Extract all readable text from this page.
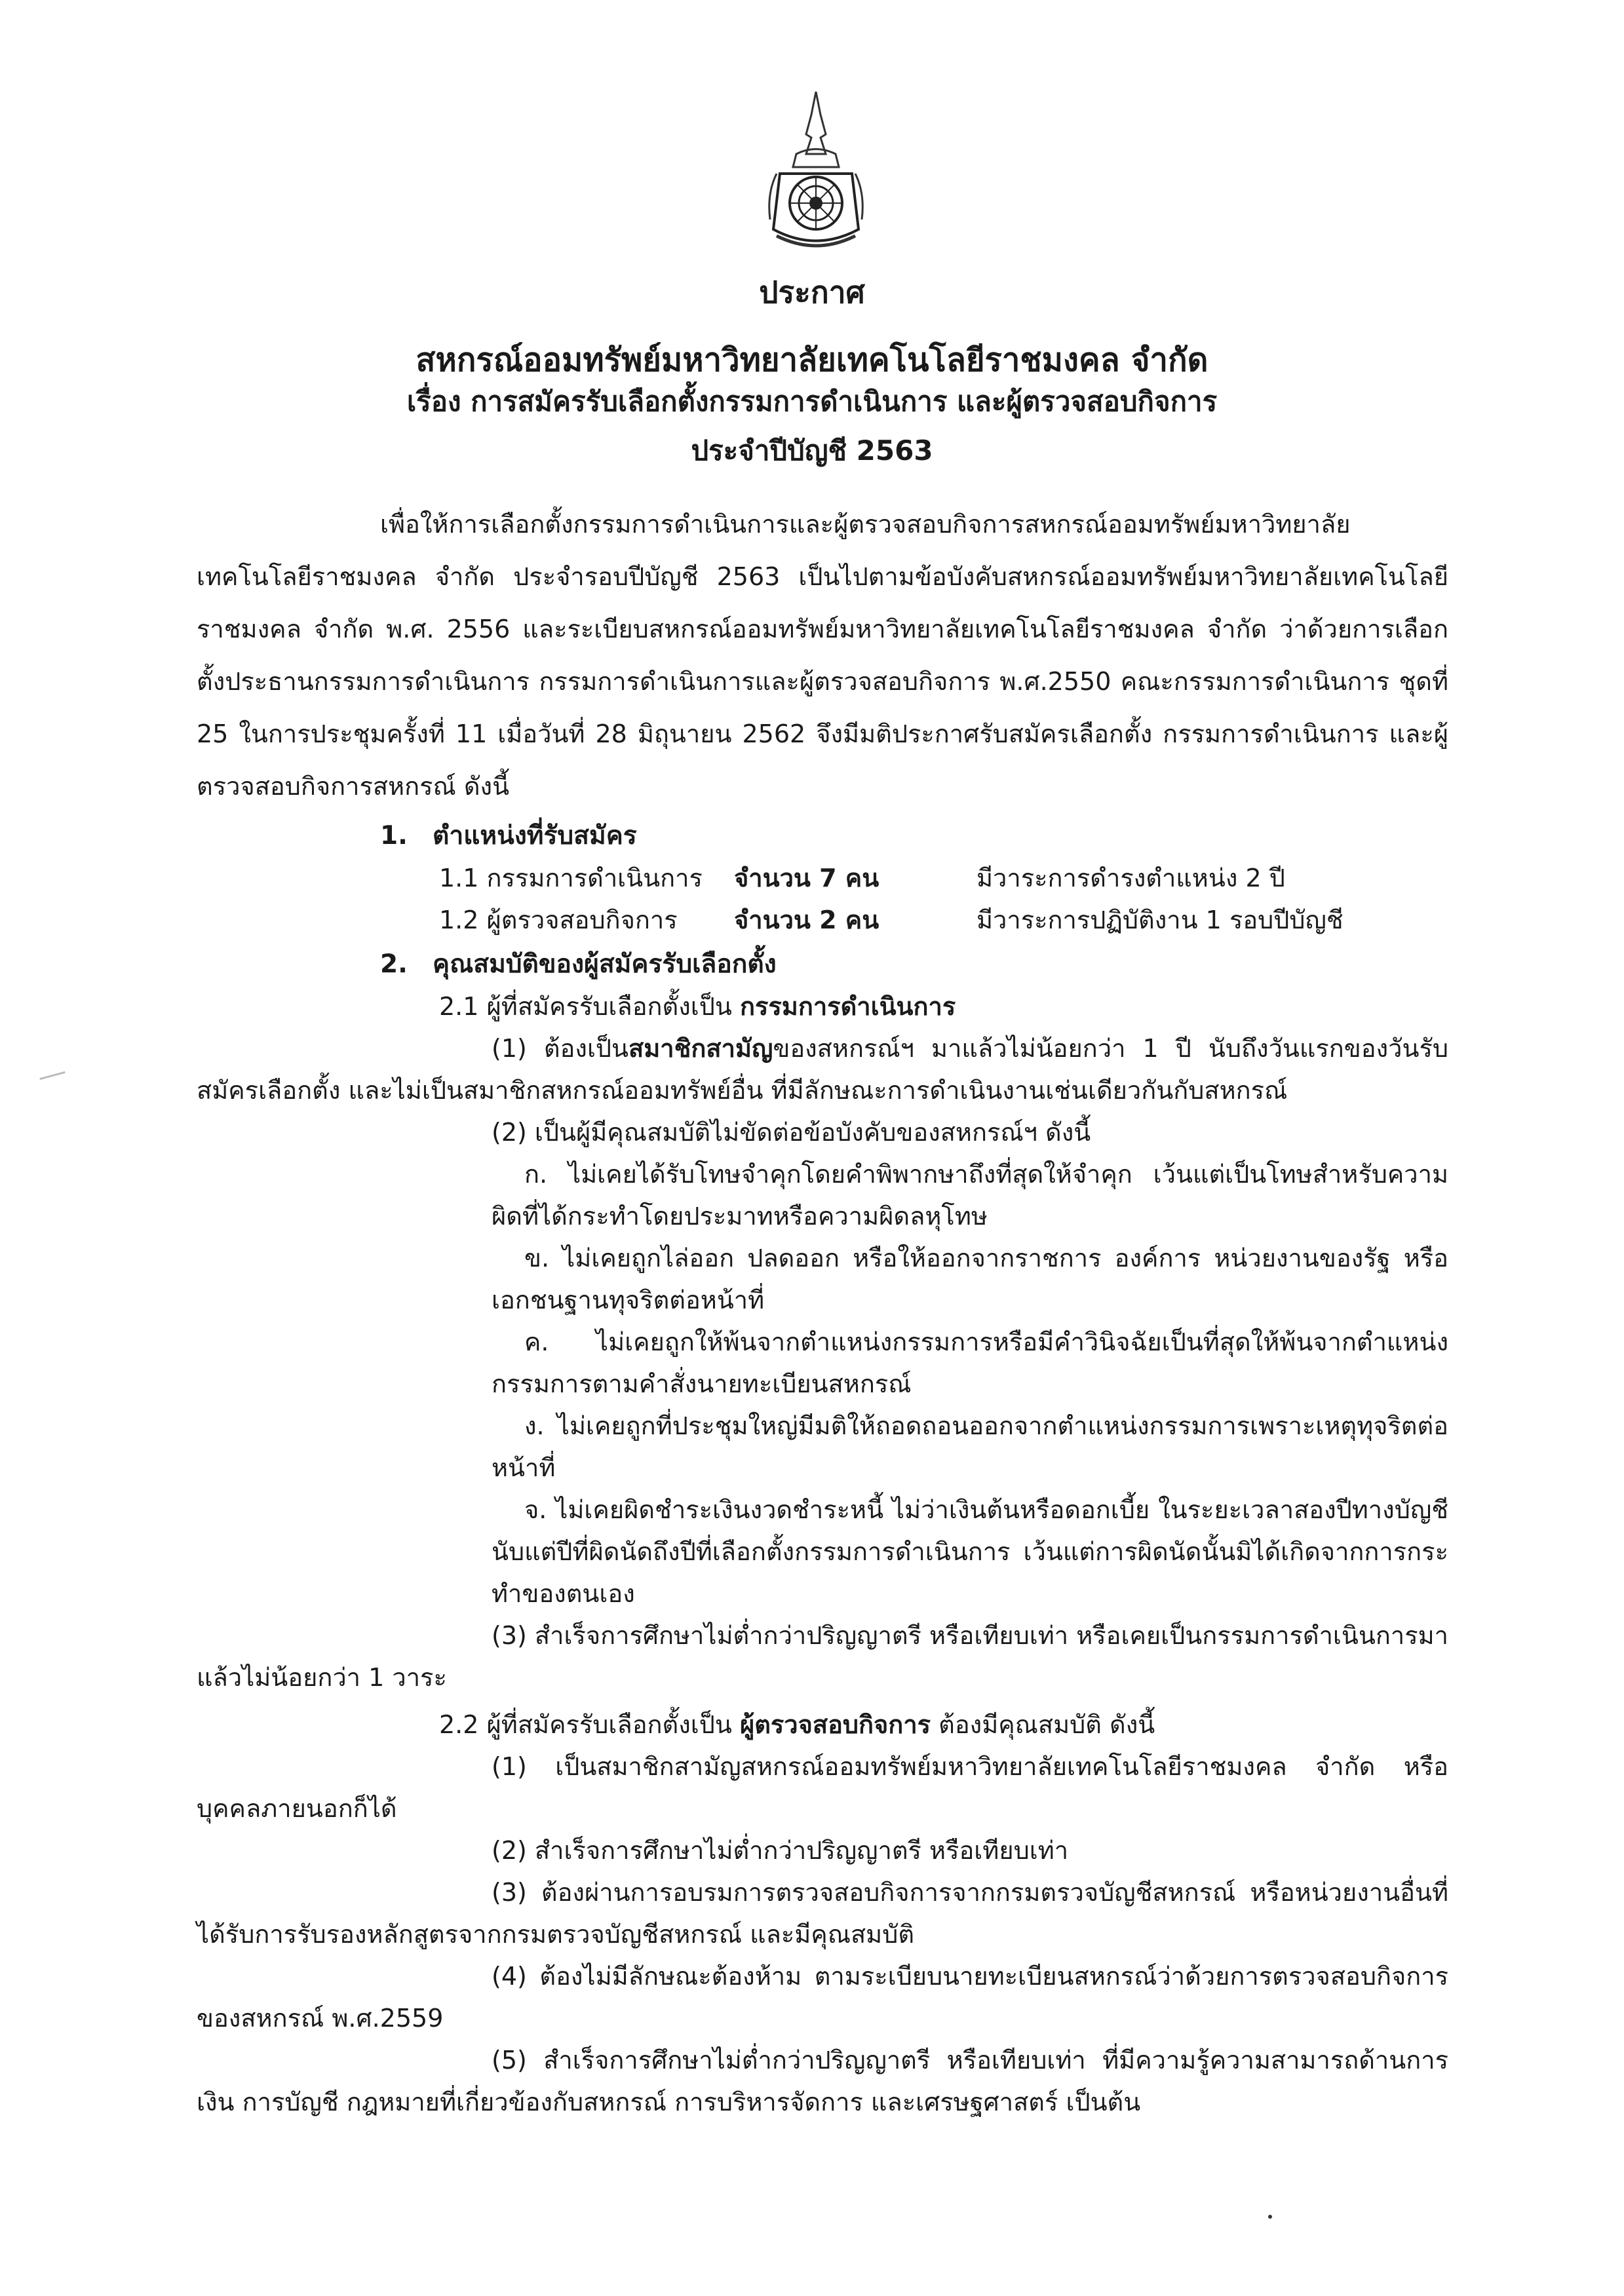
ประกาศ
สหกรณ์ออมทรัพย์มหาวิทยาลัยเทคโนโลยีราชมงคล จำกัด
เรื่อง การสมัครรับเลือกตั้งกรรมการดำเนินการ และผู้ตรวจสอบกิจการ
ประจำปีบัญชี 2563

เพื่อให้การเลือกตั้งกรรมการดำเนินการและผู้ตรวจสอบกิจการสหกรณ์ออมทรัพย์มหาวิทยาลัยเทคโนโลยีราชมงคล จำกัด ประจำรอบปีบัญชี 2563 เป็นไปตามข้อบังคับสหกรณ์ออมทรัพย์มหาวิทยาลัยเทคโนโลยีราชมงคล จำกัด พ.ศ. 2556 และระเบียบสหกรณ์ออมทรัพย์มหาวิทยาลัยเทคโนโลยีราชมงคล จำกัด ว่าด้วยการเลือกตั้งประธานกรรมการดำเนินการ กรรมการดำเนินการและผู้ตรวจสอบกิจการ พ.ศ.2550 คณะกรรมการดำเนินการ ชุดที่ 25 ในการประชุมครั้งที่ 11 เมื่อวันที่ 28 มิถุนายน 2562 จึงมีมติประกาศรับสมัครเลือกตั้ง กรรมการดำเนินการ และผู้ตรวจสอบกิจการสหกรณ์ ดังนี้

1. ตำแหน่งที่รับสมัคร
1.1 กรรมการดำเนินการ	จำนวน 7 คน	มีวาระการดำรงตำแหน่ง 2 ปี
1.2 ผู้ตรวจสอบกิจการ	จำนวน 2 คน	มีวาระการปฏิบัติงาน 1 รอบปีบัญชี
2. คุณสมบัติของผู้สมัครรับเลือกตั้ง
2.1 ผู้ที่สมัครรับเลือกตั้งเป็น กรรมการดำเนินการ

(1) ต้องเป็นสมาชิกสามัญของสหกรณ์ฯ มาแล้วไม่น้อยกว่า 1 ปี นับถึงวันแรกของวันรับสมัครเลือกตั้ง และไม่เป็นสมาชิกสหกรณ์ออมทรัพย์อื่น ที่มีลักษณะการดำเนินงานเช่นเดียวกันกับสหกรณ์

(2) เป็นผู้มีคุณสมบัติไม่ขัดต่อข้อบังคับของสหกรณ์ฯ ดังนี้

ก. ไม่เคยได้รับโทษจำคุกโดยคำพิพากษาถึงที่สุดให้จำคุก เว้นแต่เป็นโทษสำหรับความผิดที่ได้กระทำโดยประมาทหรือความผิดลหุโทษ

ข. ไม่เคยถูกไล่ออก ปลดออก หรือให้ออกจากราชการ องค์การ หน่วยงานของรัฐ หรือเอกชนฐานทุจริตต่อหน้าที่

ค. ไม่เคยถูกให้พ้นจากตำแหน่งกรรมการหรือมีคำวินิจฉัยเป็นที่สุดให้พ้นจากตำแหน่งกรรมการตามคำสั่งนายทะเบียนสหกรณ์

ง. ไม่เคยถูกที่ประชุมใหญ่มีมติให้ถอดถอนออกจากตำแหน่งกรรมการเพราะเหตุทุจริตต่อหน้าที่

จ. ไม่เคยผิดชำระเงินงวดชำระหนี้ ไม่ว่าเงินต้นหรือดอกเบี้ย ในระยะเวลาสองปีทางบัญชีนับแต่ปีที่ผิดนัดถึงปีที่เลือกตั้งกรรมการดำเนินการ เว้นแต่การผิดนัดนั้นมิได้เกิดจากการกระทำของตนเอง

(3) สำเร็จการศึกษาไม่ต่ำกว่าปริญญาตรี หรือเทียบเท่า หรือเคยเป็นกรรมการดำเนินการมาแล้วไม่น้อยกว่า 1 วาระ

2.2 ผู้ที่สมัครรับเลือกตั้งเป็น ผู้ตรวจสอบกิจการ ต้องมีคุณสมบัติ ดังนี้

(1) เป็นสมาชิกสามัญสหกรณ์ออมทรัพย์มหาวิทยาลัยเทคโนโลยีราชมงคล จำกัด หรือบุคคลภายนอกก็ได้

(2) สำเร็จการศึกษาไม่ต่ำกว่าปริญญาตรี หรือเทียบเท่า

(3) ต้องผ่านการอบรมการตรวจสอบกิจการจากกรมตรวจบัญชีสหกรณ์ หรือหน่วยงานอื่นที่ได้รับการรับรองหลักสูตรจากกรมตรวจบัญชีสหกรณ์ และมีคุณสมบัติ

(4) ต้องไม่มีลักษณะต้องห้าม ตามระเบียบนายทะเบียนสหกรณ์ว่าด้วยการตรวจสอบกิจการของสหกรณ์ พ.ศ.2559

(5) สำเร็จการศึกษาไม่ต่ำกว่าปริญญาตรี หรือเทียบเท่า ที่มีความรู้ความสามารถด้านการเงิน การบัญชี กฎหมายที่เกี่ยวข้องกับสหกรณ์ การบริหารจัดการ และเศรษฐศาสตร์ เป็นต้น
